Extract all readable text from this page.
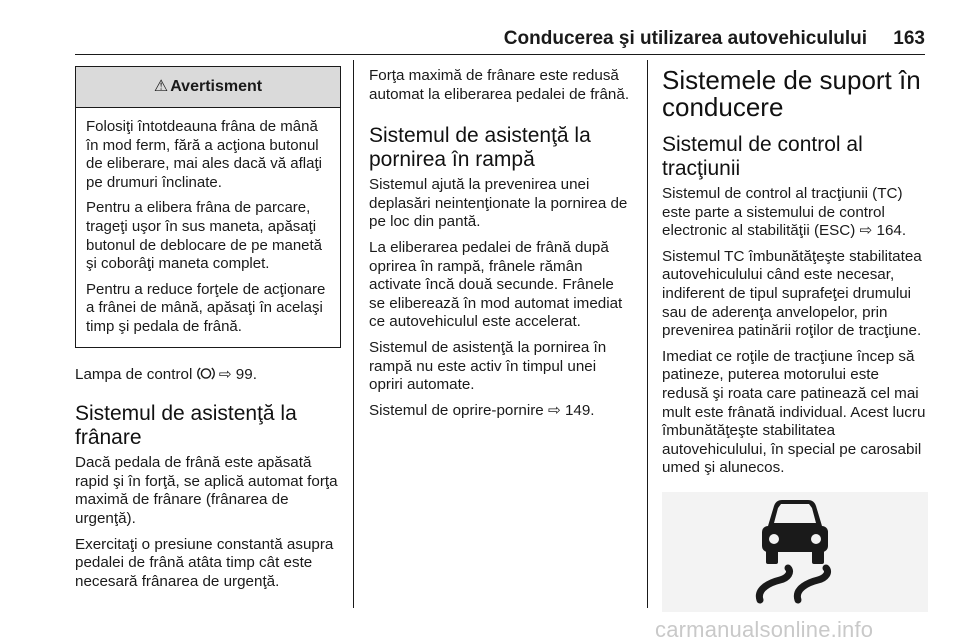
Conducerea şi utilizarea autovehiculului 163
⚠ Avertisment

Folosiţi întotdeauna frâna de mână în mod ferm, fără a acţiona butonul de eliberare, mai ales dacă vă aflaţi pe drumuri înclinate.

Pentru a elibera frâna de parcare, trageţi uşor în sus maneta, apăsaţi butonul de deblocare de pe manetă şi coborâţi maneta complet.

Pentru a reduce forţele de acţionare a frânei de mână, apăsaţi în acelaşi timp şi pedala de frână.

Lampa de control ⇨ 99.

Sistemul de asistenţă la frânare

Dacă pedala de frână este apăsată rapid şi în forţă, se aplică automat forţa maximă de frânare (frânarea de urgenţă).

Exercitaţi o presiune constantă asupra pedalei de frână atâta timp cât este necesară frânarea de urgenţă.

Forţa maximă de frânare este redusă automat la eliberarea pedalei de frână.

Sistemul de asistenţă la pornirea în rampă

Sistemul ajută la prevenirea unei deplasări neintenţionate la pornirea de pe loc din pantă.

La eliberarea pedalei de frână după oprirea în rampă, frânele rămân activate încă două secunde. Frânele se eliberează în mod automat imediat ce autovehiculul este accelerat.

Sistemul de asistenţă la pornirea în rampă nu este activ în timpul unei opriri automate.

Sistemul de oprire-pornire ⇨ 149.

Sistemele de suport în conducere
Sistemul de control al tracţiunii

Sistemul de control al tracţiunii (TC) este parte a sistemului de control electronic al stabilităţii (ESC) ⇨ 164.

Sistemul TC îmbunătăţeşte stabilitatea autovehiculului când este necesar, indiferent de tipul suprafeţei drumului sau de aderenţa anvelopelor, prin prevenirea patinării roţilor de tracţiune.

Imediat ce roţile de tracţiune încep să patineze, puterea motorului este redusă şi roata care patinează cel mai mult este frânată individual. Acest lucru îmbunătăţeşte stabilitatea autovehiculului, în special pe carosabil umed şi alunecos.

carmanualsonline.info
